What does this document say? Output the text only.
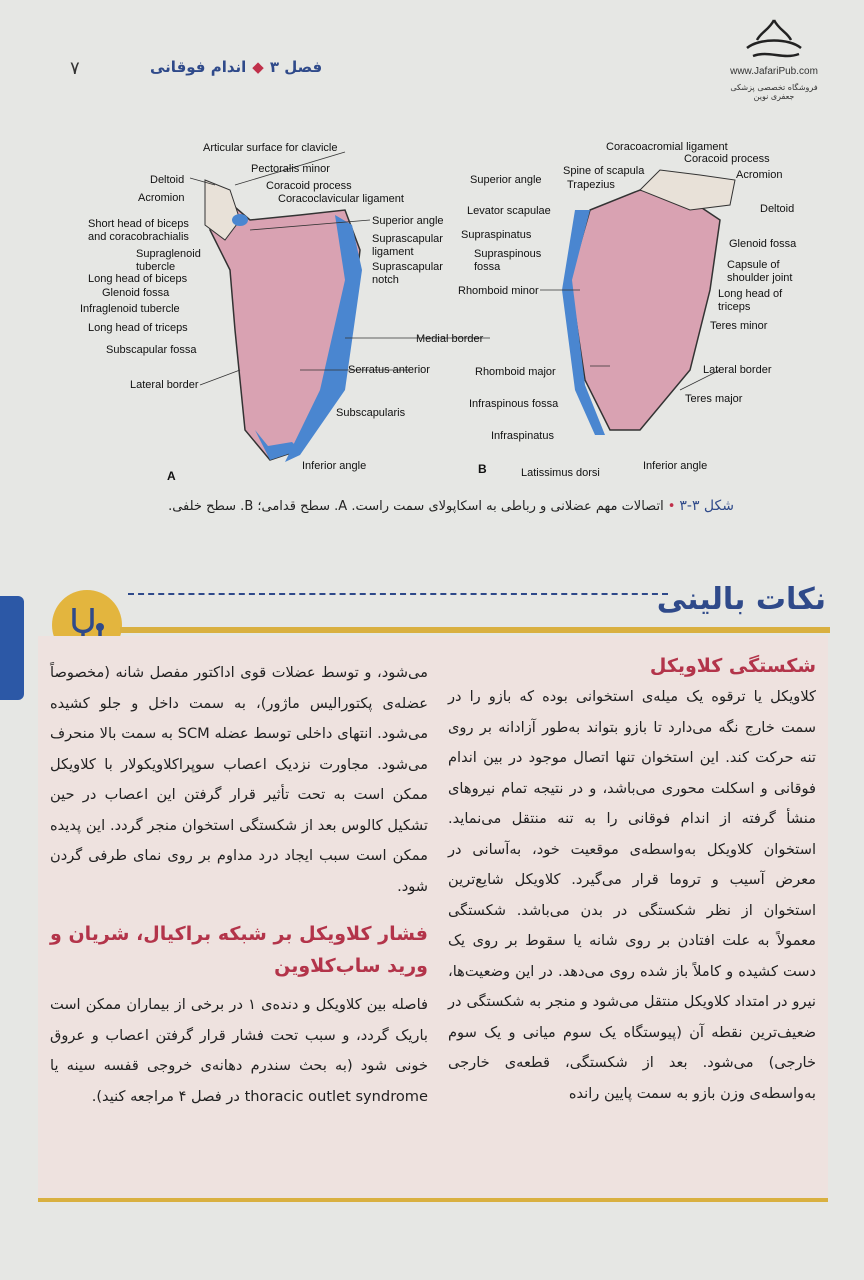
۷	فصل ۳◆اندام فوقانی	www.JafariPub.com
فروشگاه تخصصی پزشکی جعفری نوین
Articular surface for clavicle
Deltoid
Acromion
Pectoralis minor
Coracoid process
Coracoclavicular ligament
Short head of biceps
and coracobrachialis
Supraglenoid
tubercle
Long head of biceps
Glenoid fossa
Infraglenoid tubercle
Long head of triceps
Subscapular fossa
Lateral border
Superior angle
Suprascapular
ligament
Suprascapular
notch
Medial border
Serratus anterior
Subscapularis
Inferior angle
A
Coracoacromial ligament
Coracoid process
Spine of scapula
Superior angle Trapezius
Acromion
Levator scapulae	Deltoid
Supraspinatus
Supraspinous
fossa
Glenoid fossa
Capsule of
shoulder joint
Rhomboid minor	Long head of
triceps
Teres minor
Rhomboid major	Lateral border
Infraspinous fossa	Teres major
Infraspinatus
Latissimus dorsi
Inferior angle
B
شکل ۳-۳•اتصالات مهم عضلانی و رباطی به اسکاپولای سمت راست. A. سطح قدامی؛ B. سطح خلفی.
نکات بالینی
شکستگی کلاویکل
کلاویکل یا ترقوه یک میله‌ی استخوانی بوده که بازو را در سمت خارج نگه می‌دارد تا بازو بتواند به‌طور آزادانه بر روی تنه حرکت کند. این استخوان تنها اتصال موجود در بین اندام فوقانی و اسکلت محوری می‌باشد، و در نتیجه تمام نیروهای منشأ گرفته از اندام فوقانی را به تنه منتقل می‌نماید. استخوان کلاویکل به‌واسطه‌ی موقعیت خود، به‌آسانی در معرض آسیب و تروما قرار می‌گیرد. کلاویکل شایع‌ترین استخوان از نظر شکستگی در بدن می‌باشد. شکستگی معمولاً به علت افتادن بر روی شانه یا سقوط بر روی یک دست کشیده و کاملاً باز شده روی می‌دهد. در این وضعیت‌ها، نیرو در امتداد کلاویکل منتقل می‌شود و منجر به شکستگی در ضعیف‌ترین نقطه آن (پیوستگاه یک سوم میانی و یک سوم خارجی) می‌شود. بعد از شکستگی، قطعه‌ی خارجی به‌واسطه‌ی وزن بازو به سمت پایین رانده
می‌شود، و توسط عضلات قوی اداکتور مفصل شانه (مخصوصاً عضله‌ی پکتورالیس ماژور)، به سمت داخل و جلو کشیده می‌شود. انتهای داخلی توسط عضله SCM به سمت بالا منحرف می‌شود. مجاورت نزدیک اعصاب سوپراکلاویکولار با کلاویکل ممکن است به تحت تأثیر قرار گرفتن این اعصاب در حین تشکیل کالوس بعد از شکستگی استخوان منجر گردد. این پدیده ممکن است سبب ایجاد درد مداوم بر روی نمای طرفی گردن شود.
فشار کلاویکل بر شبکه براکیال، شریان و ورید ساب‌کلاوین
فاصله بین کلاویکل و دنده‌ی ۱ در برخی از بیماران ممکن است باریک گردد، و سبب تحت فشار قرار گرفتن اعصاب و عروق خونی شود (به بحث سندرم دهانه‌ی خروجی قفسه سینه یا thoracic outlet syndrome در فصل ۴ مراجعه کنید).
